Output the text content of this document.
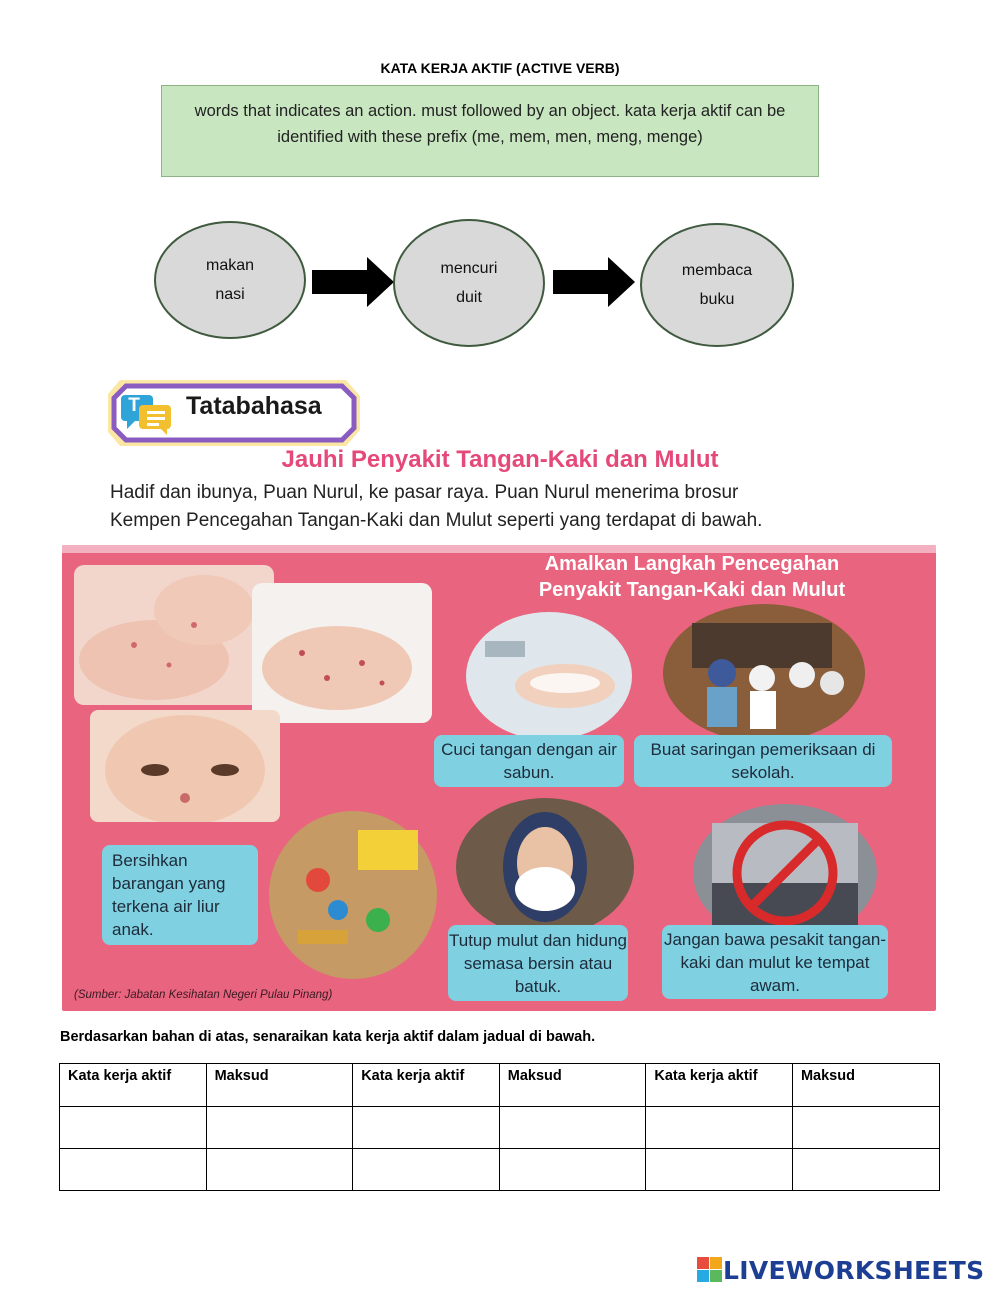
KATA KERJA AKTIF (ACTIVE VERB)
words that indicates an action. must followed by an object. kata kerja aktif can be identified with these prefix (me, mem, men, meng, menge)
makan
nasi
mencuri
duit
membaca
buku
T Tatabahasa
Jauhi Penyakit Tangan-Kaki dan Mulut
Hadif dan ibunya, Puan Nurul, ke pasar raya. Puan Nurul menerima brosur
Kempen Pencegahan Tangan-Kaki dan Mulut seperti yang terdapat di bawah.
Amalkan Langkah Pencegahan
Penyakit Tangan-Kaki dan Mulut
Cuci tangan dengan air sabun.
Buat saringan pemeriksaan di sekolah.
Bersihkan barangan yang terkena air liur anak.
Tutup mulut dan hidung semasa bersin atau batuk.
Jangan bawa pesakit tangan-kaki dan mulut ke tempat awam.
(Sumber: Jabatan Kesihatan Negeri Pulau Pinang)
Berdasarkan bahan di atas, senaraikan kata kerja aktif dalam jadual di bawah.
Kata kerja aktif	Maksud	Kata kerja aktif	Maksud	Kata kerja aktif	Maksud

LIVEWORKSHEETS
